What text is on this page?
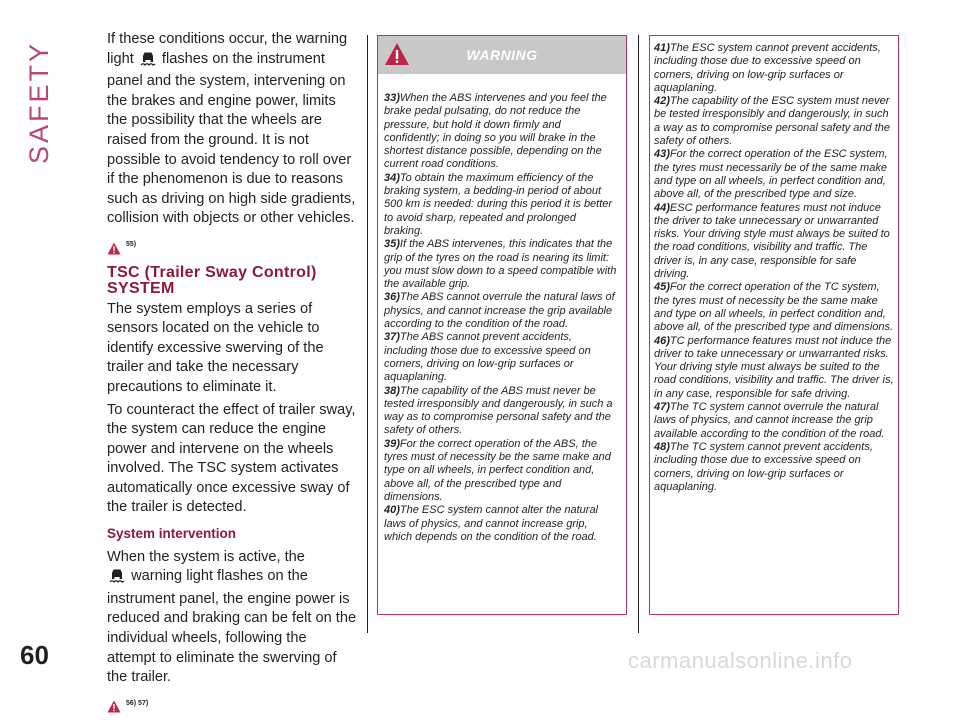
SAFETY
60

If these conditions occur, the warning light flashes on the instrument panel and the system, intervening on the brakes and engine power, limits the possibility that the wheels are raised from the ground. It is not possible to avoid tendency to roll over if the phenomenon is due to reasons such as driving on high side gradients, collision with objects or other vehicles.

55)
TSC (Trailer Sway Control) SYSTEM

The system employs a series of sensors located on the vehicle to identify excessive swerving of the trailer and take the necessary precautions to eliminate it.

To counteract the effect of trailer sway, the system can reduce the engine power and intervene on the wheels involved. The TSC system activates automatically once excessive sway of the trailer is detected.

System intervention

When the system is active, the
warning light flashes on the instrument panel, the engine power is reduced and braking can be felt on the individual wheels, following the attempt to eliminate the swerving of the trailer.

56) 57)
WARNING
33)When the ABS intervenes and you feel the brake pedal pulsating, do not reduce the pressure, but hold it down firmly and confidently; in doing so you will brake in the shortest distance possible, depending on the current road conditions.
34)To obtain the maximum efficiency of the braking system, a bedding-in period of about 500 km is needed: during this period it is better to avoid sharp, repeated and prolonged braking.
35)If the ABS intervenes, this indicates that the grip of the tyres on the road is nearing its limit: you must slow down to a speed compatible with the available grip.
36)The ABS cannot overrule the natural laws of physics, and cannot increase the grip available according to the condition of the road.
37)The ABS cannot prevent accidents, including those due to excessive speed on corners, driving on low-grip surfaces or aquaplaning.
38)The capability of the ABS must never be tested irresponsibly and dangerously, in such a way as to compromise personal safety and the safety of others.
39)For the correct operation of the ABS, the tyres must of necessity be the same make and type on all wheels, in perfect condition and, above all, of the prescribed type and dimensions.
40)The ESC system cannot alter the natural laws of physics, and cannot increase grip, which depends on the condition of the road.
41)The ESC system cannot prevent accidents, including those due to excessive speed on corners, driving on low-grip surfaces or aquaplaning.
42)The capability of the ESC system must never be tested irresponsibly and dangerously, in such a way as to compromise personal safety and the safety of others.
43)For the correct operation of the ESC system, the tyres must necessarily be of the same make and type on all wheels, in perfect condition and, above all, of the prescribed type and size.
44)ESC performance features must not induce the driver to take unnecessary or unwarranted risks. Your driving style must always be suited to the road conditions, visibility and traffic. The driver is, in any case, responsible for safe driving.
45)For the correct operation of the TC system, the tyres must of necessity be the same make and type on all wheels, in perfect condition and, above all, of the prescribed type and dimensions.
46)TC performance features must not induce the driver to take unnecessary or unwarranted risks. Your driving style must always be suited to the road conditions, visibility and traffic. The driver is, in any case, responsible for safe driving.
47)The TC system cannot overrule the natural laws of physics, and cannot increase the grip available according to the condition of the road.
48)The TC system cannot prevent accidents, including those due to excessive speed on corners, driving on low-grip surfaces or aquaplaning.
carmanualsonline.info
